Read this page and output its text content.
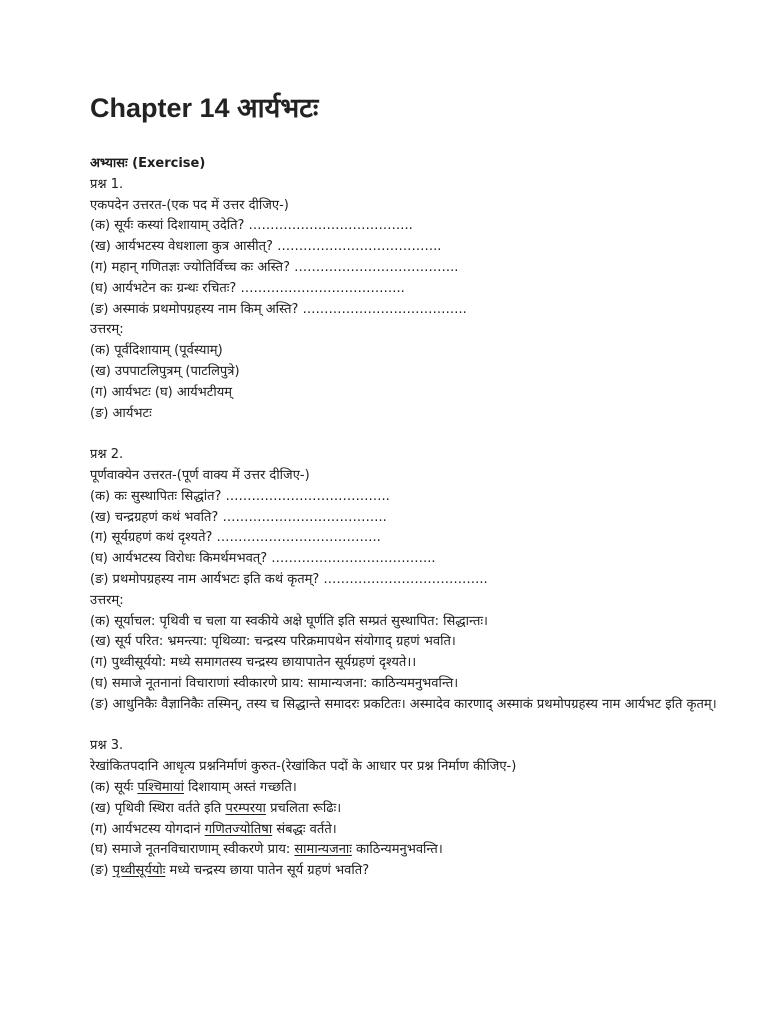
Chapter 14 आर्यभटः
अभ्यासः (Exercise)
प्रश्न 1.
एकपदेन उत्तरत-(एक पद में उत्तर दीजिए-)
(क) सूर्यः कस्यां दिशायाम् उदेति? ………………………………..
(ख) आर्यभटस्य वेधशाला कुत्र आसीत्? ………………………………..
(ग) महान् गणितज्ञः ज्योतिर्विच्च कः अस्ति? ………………………………..
(घ) आर्यभटेन कः ग्रन्थः रचितः? ………………………………..
(ङ) अस्माकं प्रथमोपग्रहस्य नाम किम् अस्ति? ………………………………..
उत्तरम्:
(क) पूर्वदिशायाम् (पूर्वस्याम्)
(ख) उपपाटलिपुत्रम् (पाटलिपुत्रे)
(ग) आर्यभटः (घ) आर्यभटीयम्
(ङ) आर्यभटः
प्रश्न 2.
पूर्णवाक्येन उत्तरत-(पूर्ण वाक्य में उत्तर दीजिए-)
(क) कः सुस्थापितः सिद्धांत? ………………………………..
(ख) चन्द्रग्रहणं कथं भवति? ………………………………..
(ग) सूर्यग्रहणं कथं दृश्यते? ………………………………..
(घ) आर्यभटस्य विरोधः किमर्थमभवत्? ………………………………..
(ङ) प्रथमोपग्रहस्य नाम आर्यभटः इति कथं कृतम्? ………………………………..
उत्तरम्:
(क) सूर्याचल: पृथिवी च चला या स्वकीये अक्षे घूर्णति इति सम्प्रतं सुस्थापित: सिद्धान्तः।
(ख) सूर्य परित: भ्रमन्त्या: पृथिव्या: चन्द्रस्य परिक्रमापथेन संयोगाद् ग्रहणं भवति।
(ग) पुथ्वीसूर्ययो: मध्ये समागतस्य चन्द्रस्य छायापातेन सूर्यग्रहणं दृश्यते।।
(घ) समाजे नूतनानां विचाराणां स्वीकारणे प्राय: सामान्यजना: काठिन्यमनुभवन्ति।
(ङ) आधुनिकैः वैज्ञानिकैः तस्मिन्, तस्य च सिद्धान्ते समादरः प्रकटितः। अस्मादेव कारणाद् अस्माकं प्रथमोपग्रहस्य नाम आर्यभट इति कृतम्।
प्रश्न 3.
रेखांकितपदानि आधृत्य प्रश्ननिर्माणं कुरुत-(रेखांकित पदों के आधार पर प्रश्न निर्माण कीजिए-)
(क) सूर्यः पश्चिमायां दिशायाम् अस्तं गच्छति।
(ख) पृथिवी स्थिरा वर्तते इति परम्परया प्रचलिता रूढिः।
(ग) आर्यभटस्य योगदानं गणितज्योतिषा संबद्धः वर्तते।
(घ) समाजे नूतनविचाराणाम् स्वीकरणे प्राय: सामान्यजनाः काठिन्यमनुभवन्ति।
(ङ) पृथ्वीसूर्ययोः मध्ये चन्द्रस्य छाया पातेन सूर्य ग्रहणं भवति?
